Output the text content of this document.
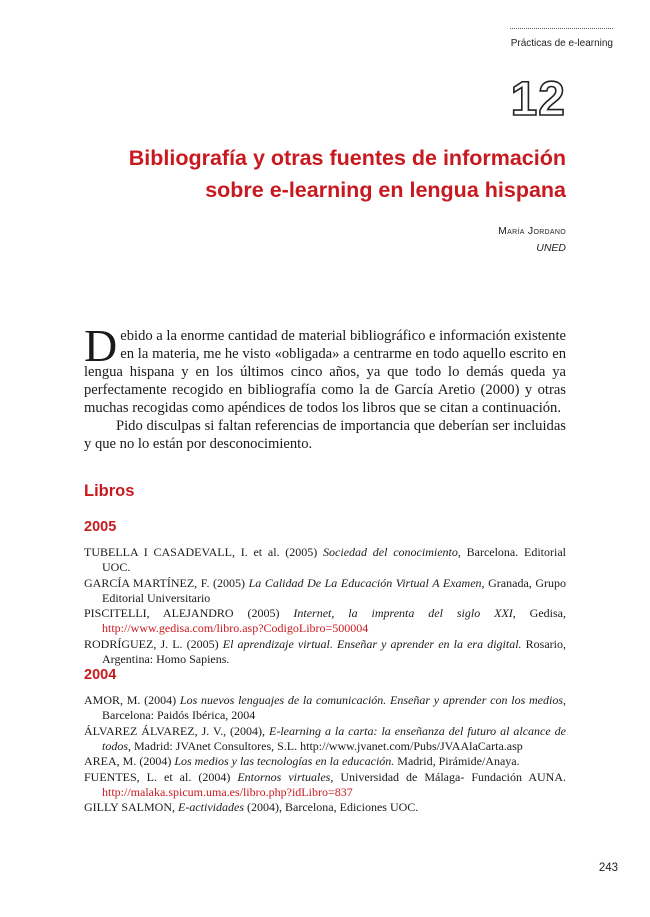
Prácticas de e-learning
12
Bibliografía y otras fuentes de información
sobre e-learning en lengua hispana
María Jordano
UNED

Debido a la enorme cantidad de material bibliográfico e información existente en la materia, me he visto «obligada» a centrarme en todo aquello escrito en lengua hispana y en los últimos cinco años, ya que todo lo demás queda ya perfectamente recogido en bibliografía como la de García Aretio (2000) y otras muchas recogidas como apéndices de todos los libros que se citan a continuación.

Pido disculpas si faltan referencias de importancia que deberían ser incluidas y que no lo están por desconocimiento.

Libros
2005

TUBELLA I CASADEVALL, I. et al. (2005) Sociedad del conocimiento, Barcelona. Editorial UOC.

GARCÍA MARTÍNEZ, F. (2005) La Calidad De La Educación Virtual A Examen, Granada, Grupo Editorial Universitario

PISCITELLI, ALEJANDRO (2005) Internet, la imprenta del siglo XXI, Gedisa, http://www.gedisa.com/libro.asp?CodigoLibro=500004

RODRÍGUEZ, J. L. (2005) El aprendizaje virtual. Enseñar y aprender en la era digital. Rosario, Argentina: Homo Sapiens.

2004

AMOR, M. (2004) Los nuevos lenguajes de la comunicación. Enseñar y aprender con los medios, Barcelona: Paidós Ibérica, 2004

ÁLVAREZ ÁLVAREZ, J. V., (2004), E-learning a la carta: la enseñanza del futuro al alcance de todos, Madrid: JVAnet Consultores, S.L. http://www.jvanet.com/Pubs/JVAAlaCarta.asp

AREA, M. (2004) Los medios y las tecnologías en la educación. Madrid, Pirámide/Anaya.

FUENTES, L. et al. (2004) Entornos virtuales, Universidad de Málaga- Fundación AUNA. http://malaka.spicum.uma.es/libro.php?idLibro=837

GILLY SALMON, E-actividades (2004), Barcelona, Ediciones UOC.

243
